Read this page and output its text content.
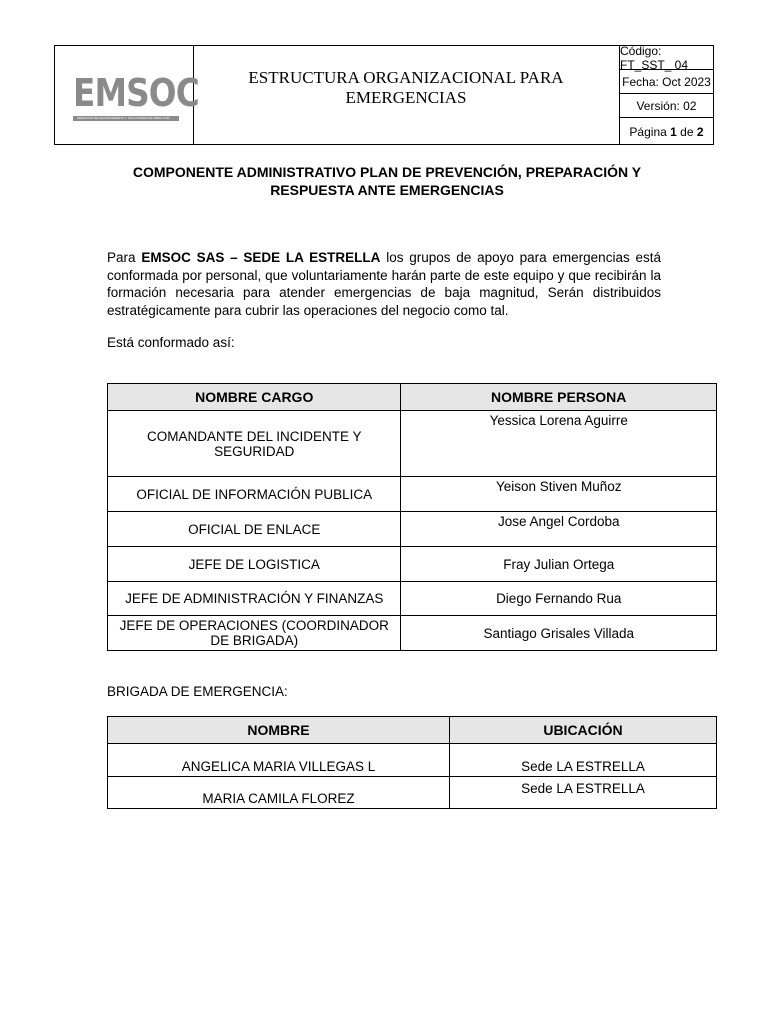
EMSOC
SERVICIOS DE MANTENIMIENTO Y SOLUCIONES DE OBRA CIVIL
ESTRUCTURA ORGANIZACIONAL PARA EMERGENCIAS
Código: FT_SST_ 04
Fecha: Oct 2023
Versión: 02
Página
1
de
2
COMPONENTE ADMINISTRATIVO PLAN DE PREVENCIÓN, PREPARACIÓN Y RESPUESTA ANTE EMERGENCIAS
Para EMSOC SAS – SEDE LA ESTRELLA los grupos de apoyo para emergencias está conformada por personal, que voluntariamente harán parte de este equipo y que recibirán la formación necesaria para atender emergencias de baja magnitud, Serán distribuidos estratégicamente para cubrir las operaciones del negocio como tal.
Está conformado así:
NOMBRE CARGO	NOMBRE PERSONA
COMANDANTE DEL INCIDENTE Y SEGURIDAD	Yessica Lorena Aguirre
OFICIAL DE INFORMACIÓN PUBLICA	Yeison Stiven Muñoz
OFICIAL DE ENLACE	Jose Angel Cordoba
JEFE DE LOGISTICA	Fray Julian Ortega
JEFE DE ADMINISTRACIÓN Y FINANZAS	Diego Fernando Rua
JEFE DE OPERACIONES (COORDINADOR DE BRIGADA)	Santiago Grisales Villada
BRIGADA DE EMERGENCIA:
NOMBRE	UBICACIÓN
ANGELICA MARIA VILLEGAS L	Sede LA ESTRELLA
MARIA CAMILA FLOREZ	Sede LA ESTRELLA
